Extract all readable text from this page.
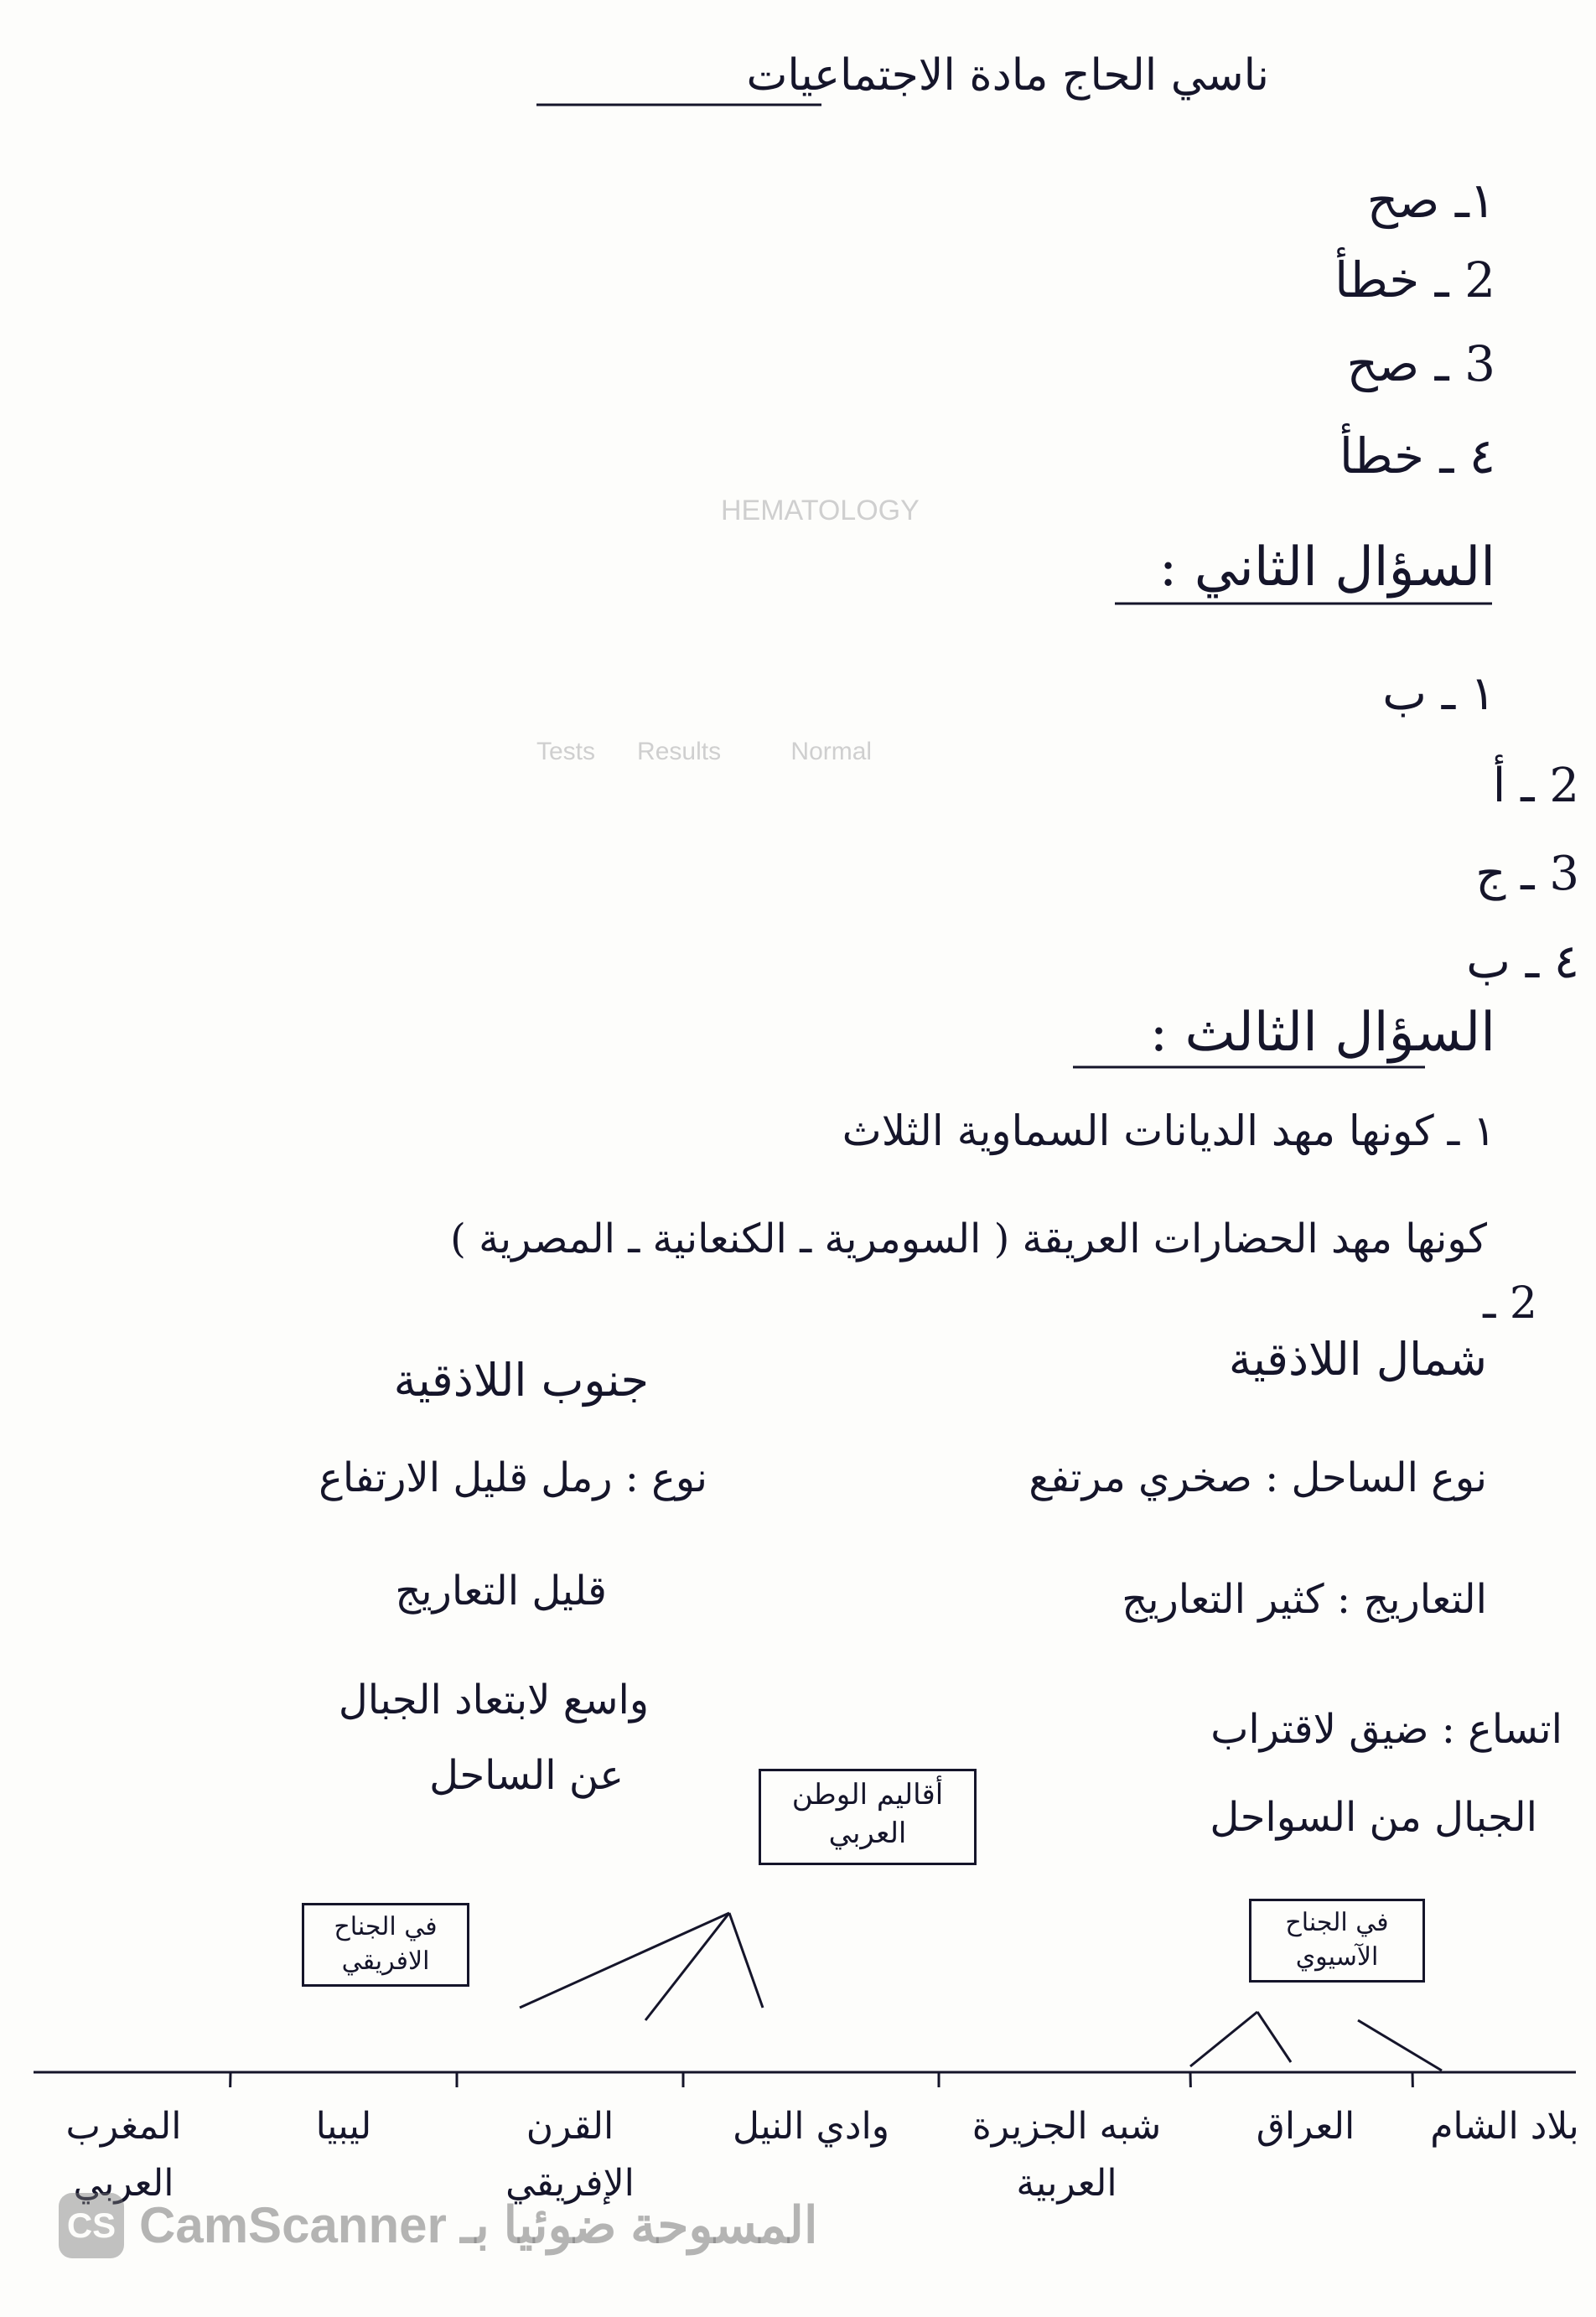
HEMATOLOGY
Tests      Results          Normal
ناسي الحاج مادة الاجتماعيات
١ـ صح
2 ـ خطأ
3 ـ صح
٤ ـ خطأ
السؤال الثاني :
١ ـ ب
2 ـ أ
3 ـ ج
٤ ـ ب
السؤال الثالث :
١ ـ كونها مهد الديانات السماوية الثلاث
كونها مهد الحضارات العريقة ( السومرية ـ الكنعانية ـ المصرية )
2 ـ
شمال اللاذقية
نوع الساحل : صخري مرتفع
التعاريج : كثير التعاريج
اتساع : ضيق لاقتراب
الجبال من السواحل
جنوب اللاذقية
نوع : رمل قليل الارتفاع
قليل التعاريج
واسع لابتعاد الجبال
عن الساحل	أقاليم الوطن العربي
في الجناح الافريقي
في الجناح الآسيوي
بلاد الشام
العراق
شبه الجزيرة العربية
وادي النيل
القرن الإفريقي
ليبيا
المغرب العربي
CS المسوحة ضوئيا بـ CamScanner
